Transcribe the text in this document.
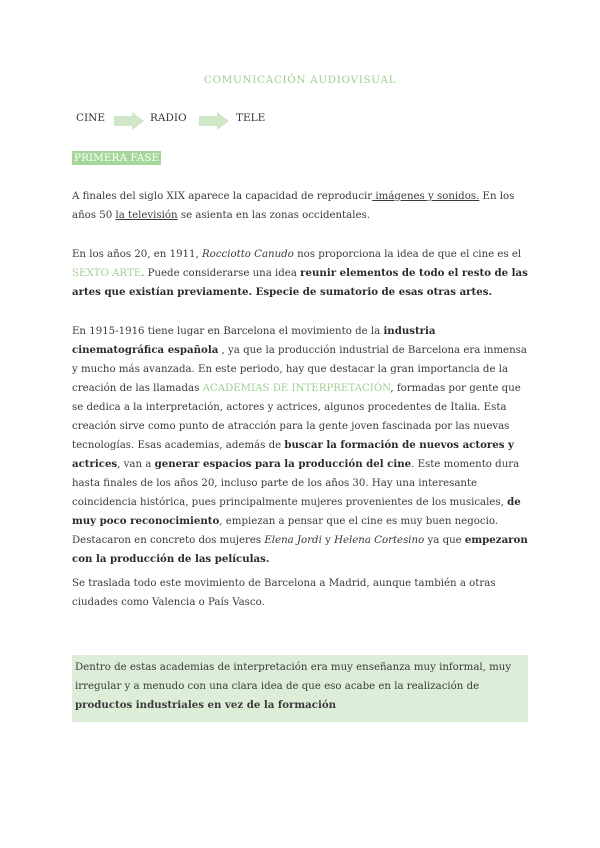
COMUNICACIÓN AUDIOVISUAL
CINE	RADIO	TELE
PRIMERA FASE
A finales del siglo XIX aparece la capacidad de reproducir imágenes y sonidos. En los años 50 la televisión se asienta en las zonas occidentales.
En los años 20, en 1911, Rocciotto Canudo nos proporciona la idea de que el cine es el SEXTO ARTE. Puede considerarse una idea reunir elementos de todo el resto de las artes que existían previamente. Especie de sumatorio de esas otras artes.
En 1915-1916 tiene lugar en Barcelona el movimiento de la industria cinematográfica española , ya que la producción industrial de Barcelona era inmensa y mucho más avanzada. En este periodo, hay que destacar la gran importancia de la creación de las llamadas ACADEMIAS DE INTERPRETACIÓN, formadas por gente que se dedica a la interpretación, actores y actrices, algunos procedentes de Italia. Esta creación sirve como punto de atracción para la gente joven fascinada por las nuevas tecnologías. Esas academias, además de buscar la formación de nuevos actores y actrices, van a generar espacios para la producción del cine. Este momento dura hasta finales de los años 20, incluso parte de los años 30. Hay una interesante coincidencia histórica, pues principalmente mujeres provenientes de los musicales, de muy poco reconocimiento, empiezan a pensar que el cine es muy buen negocio. Destacaron en concreto dos mujeres Elena Jordi y Helena Cortesino ya que empezaron con la producción de las películas.
Se traslada todo este movimiento de Barcelona a Madrid, aunque también a otras ciudades como Valencia o País Vasco.
Dentro de estas academias de interpretación era muy enseñanza muy informal, muy irregular y a menudo con una clara idea de que eso acabe en la realización de productos industriales en vez de la formación
